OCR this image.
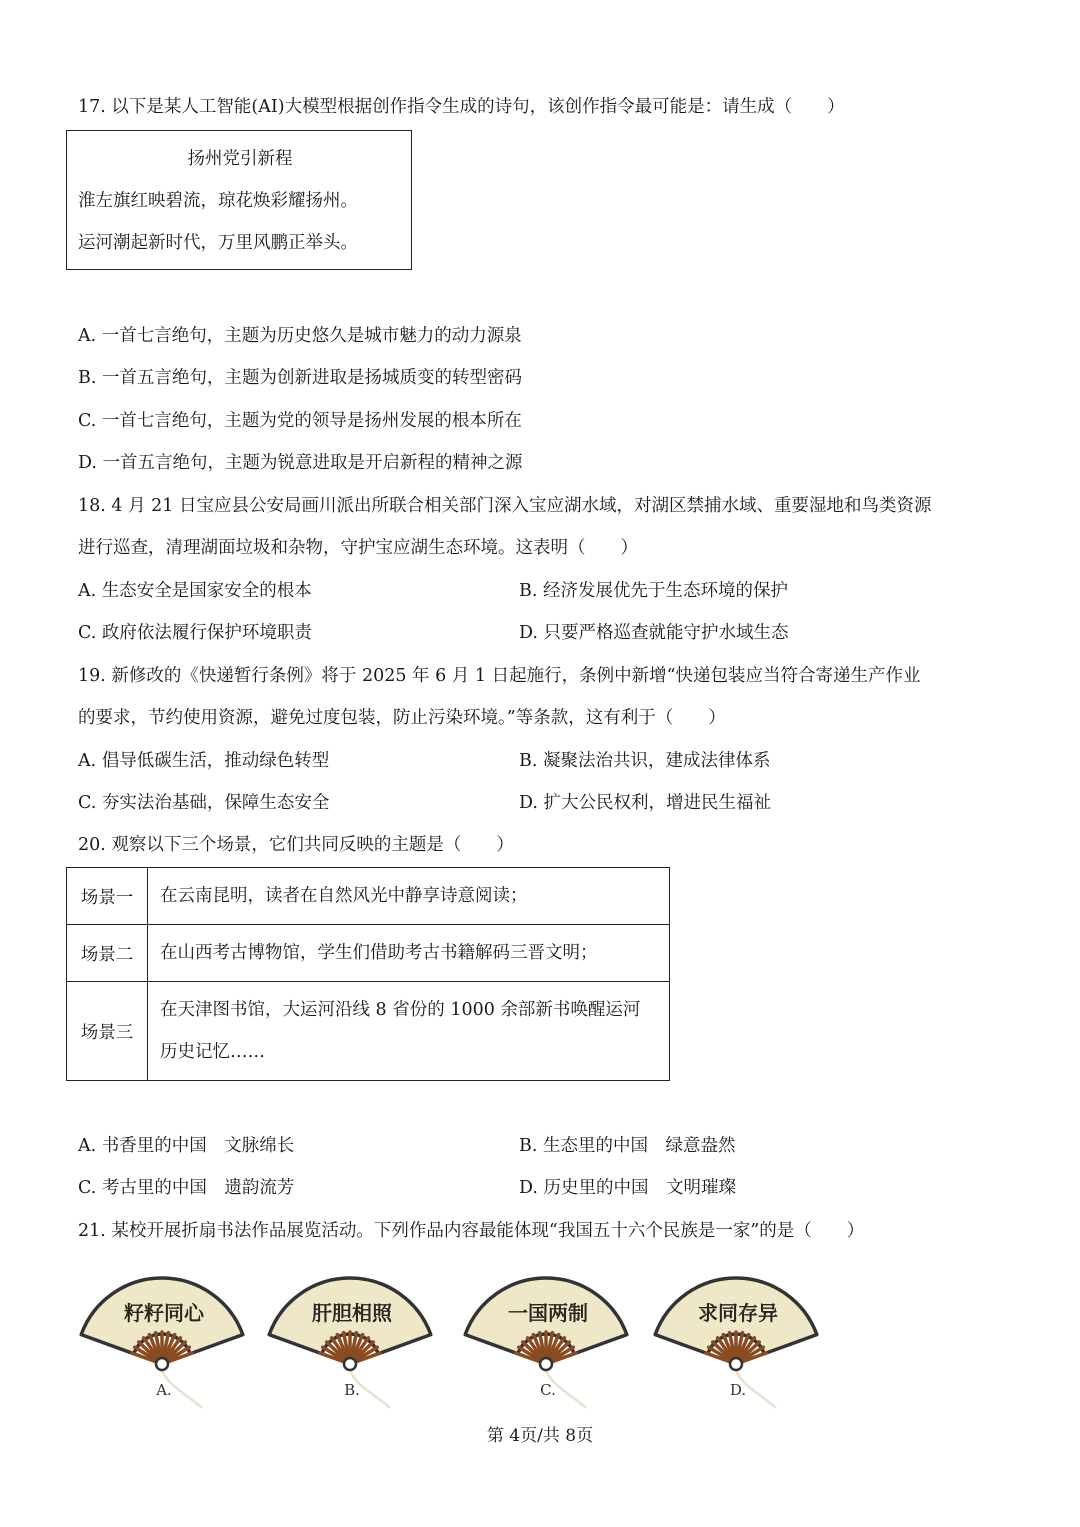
17. 以下是某人工智能(AI)大模型根据创作指令生成的诗句，该创作指令最可能是：请生成（　　）
扬州党引新程
淮左旗红映碧流，琼花焕彩耀扬州。
运河潮起新时代，万里风鹏正举头。
A. 一首七言绝句，主题为历史悠久是城市魅力的动力源泉
B. 一首五言绝句，主题为创新进取是扬城质变的转型密码
C. 一首七言绝句，主题为党的领导是扬州发展的根本所在
D. 一首五言绝句，主题为锐意进取是开启新程的精神之源
18. 4 月 21 日宝应县公安局画川派出所联合相关部门深入宝应湖水域，对湖区禁捕水域、重要湿地和鸟类资源
进行巡查，清理湖面垃圾和杂物，守护宝应湖生态环境。这表明（　　）
A. 生态安全是国家安全的根本	B. 经济发展优先于生态环境的保护
C. 政府依法履行保护环境职责	D. 只要严格巡查就能守护水域生态
19. 新修改的《快递暂行条例》将于 2025 年 6 月 1 日起施行，条例中新增“快递包装应当符合寄递生产作业
的要求，节约使用资源，避免过度包装，防止污染环境。”等条款，这有利于（　　）
A. 倡导低碳生活，推动绿色转型	B. 凝聚法治共识，建成法律体系
C. 夯实法治基础，保障生态安全	D. 扩大公民权利，增进民生福祉
20. 观察以下三个场景，它们共同反映的主题是（　　）
场景一	在云南昆明，读者在自然风光中静享诗意阅读；
场景二	在山西考古博物馆，学生们借助考古书籍解码三晋文明；
场景三	在天津图书馆，大运河沿线 8 省份的 1000 余部新书唤醒运河
历史记忆……
A. 书香里的中国　文脉绵长	B. 生态里的中国　绿意盎然
C. 考古里的中国　遗韵流芳	D. 历史里的中国　文明璀璨
21. 某校开展折扇书法作品展览活动。下列作品内容最能体现“我国五十六个民族是一家”的是（　　）
籽籽同心
A.
肝胆相照
B.
一国两制
C.
求同存异
D.
第 4页/共 8页
